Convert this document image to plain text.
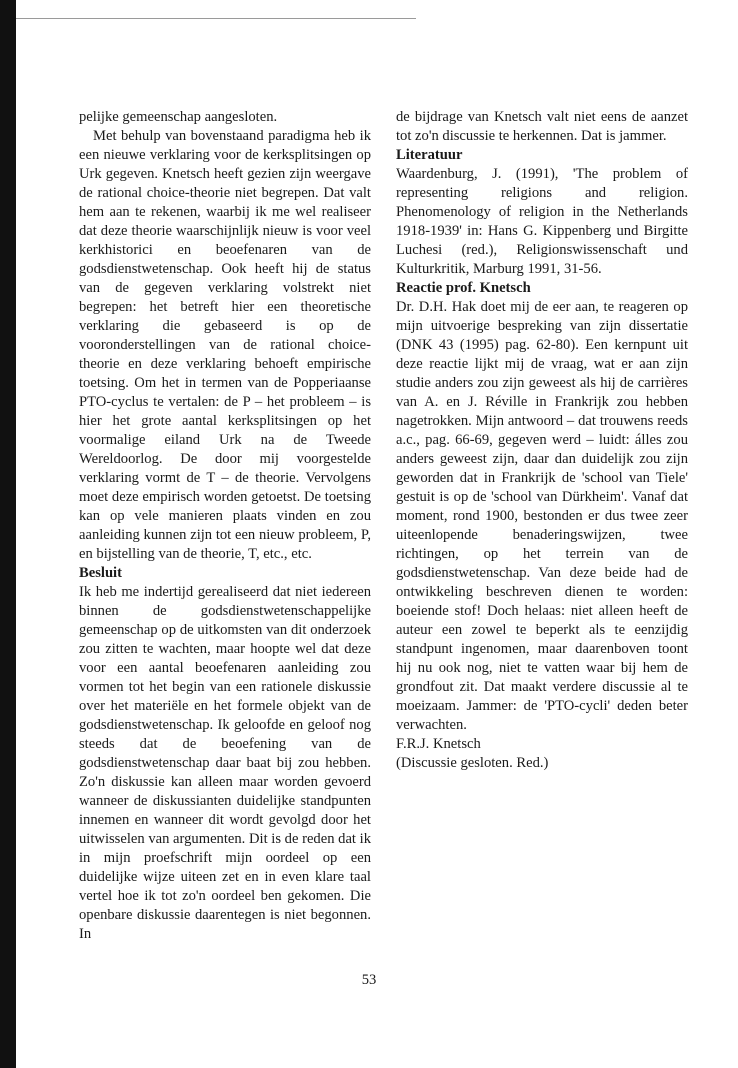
pelijke gemeenschap aangesloten.

Met behulp van bovenstaand paradigma heb ik een nieuwe verklaring voor de kerksplitsingen op Urk gegeven. Knetsch heeft gezien zijn weergave de rational choice-theorie niet begrepen. Dat valt hem aan te rekenen, waarbij ik me wel realiseer dat deze theorie waarschijnlijk nieuw is voor veel kerkhistorici en beoefenaren van de godsdienstwetenschap. Ook heeft hij de status van de gegeven verklaring volstrekt niet begrepen: het betreft hier een theoretische verklaring die gebaseerd is op de vooronderstellingen van de rational choice-theorie en deze verklaring behoeft empirische toetsing. Om het in termen van de Popperiaanse PTO-cyclus te vertalen: de P – het probleem – is hier het grote aantal kerksplitsingen op het voormalige eiland Urk na de Tweede Wereldoorlog. De door mij voorgestelde verklaring vormt de T – de theorie. Vervolgens moet deze empirisch worden getoetst. De toetsing kan op vele manieren plaats vinden en zou aanleiding kunnen zijn tot een nieuw probleem, P, en bijstelling van de theorie, T, etc., etc.

Besluit

Ik heb me indertijd gerealiseerd dat niet iedereen binnen de godsdienstwetenschappelijke gemeenschap op de uitkomsten van dit onderzoek zou zitten te wachten, maar hoopte wel dat deze voor een aantal beoefenaren aanleiding zou vormen tot het begin van een rationele diskussie over het materiële en het formele objekt van de godsdienstwetenschap. Ik geloofde en geloof nog steeds dat de beoefening van de godsdienstwetenschap daar baat bij zou hebben. Zo'n diskussie kan alleen maar worden gevoerd wanneer de diskussianten duidelijke standpunten innemen en wanneer dit wordt gevolgd door het uitwisselen van argumenten. Dit is de reden dat ik in mijn proefschrift mijn oordeel op een duidelijke wijze uiteen zet en in even klare taal vertel hoe ik tot zo'n oordeel ben gekomen. Die openbare diskussie daarentegen is niet begonnen. In

de bijdrage van Knetsch valt niet eens de aanzet tot zo'n discussie te herkennen. Dat is jammer.

Literatuur

Waardenburg, J. (1991), 'The problem of representing religions and religion. Phenomenology of religion in the Netherlands 1918-1939' in: Hans G. Kippenberg und Birgitte Luchesi (red.), Religionswissenschaft und Kulturkritik, Marburg 1991, 31-56.

Reactie prof. Knetsch

Dr. D.H. Hak doet mij de eer aan, te reageren op mijn uitvoerige bespreking van zijn dissertatie (DNK 43 (1995) pag. 62-80). Een kernpunt uit deze reactie lijkt mij de vraag, wat er aan zijn studie anders zou zijn geweest als hij de carrières van A. en J. Réville in Frankrijk zou hebben nagetrokken. Mijn antwoord – dat trouwens reeds a.c., pag. 66-69, gegeven werd – luidt: álles zou anders geweest zijn, daar dan duidelijk zou zijn geworden dat in Frankrijk de 'school van Tiele' gestuit is op de 'school van Dürkheim'. Vanaf dat moment, rond 1900, bestonden er dus twee zeer uiteenlopende benaderingswijzen, twee richtingen, op het terrein van de godsdienstwetenschap. Van deze beide had de ontwikkeling beschreven dienen te worden: boeiende stof! Doch helaas: niet alleen heeft de auteur een zowel te beperkt als te eenzijdig standpunt ingenomen, maar daarenboven toont hij nu ook nog, niet te vatten waar bij hem de grondfout zit. Dat maakt verdere discussie al te moeizaam. Jammer: de 'PTO-cycli' deden beter verwachten.

F.R.J. Knetsch

(Discussie gesloten. Red.)

53
